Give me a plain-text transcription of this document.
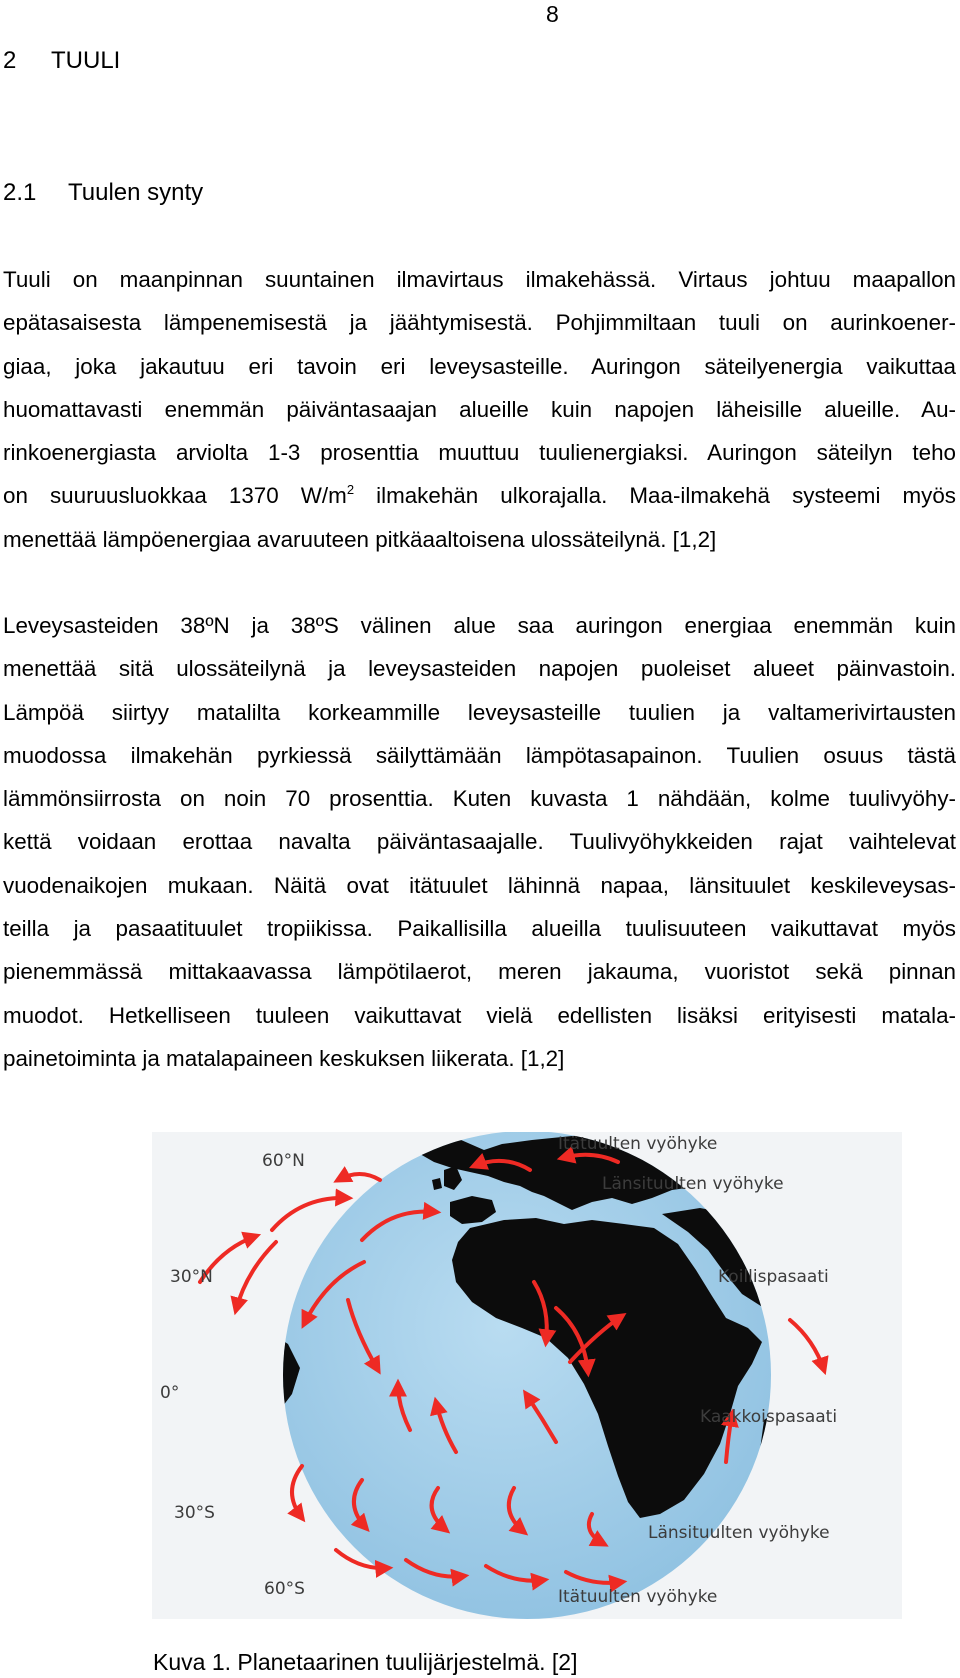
8
2 TUULI
2.1 Tuulen synty
Tuuli on maanpinnan suuntainen ilmavirtaus ilmakehässä. Virtaus johtuu maapallon
epätasaisesta lämpenemisestä ja jäähtymisestä. Pohjimmiltaan tuuli on aurinkoener-
giaa, joka jakautuu eri tavoin eri leveysasteille. Auringon säteilyenergia vaikuttaa
huomattavasti enemmän päiväntasaajan alueille kuin napojen läheisille alueille. Au-
rinkoenergiasta arviolta 1-3 prosenttia muuttuu tuulienergiaksi. Auringon säteilyn teho
on suuruusluokkaa 1370 $W/m^2$ ilmakehän ulkorajalla. Maa-ilmakehä systeemi myös
menettää lämpöenergiaa avaruuteen pitkäaaltoisena ulossäteilynä. [1,2]
Leveysasteiden 38ºN ja 38ºS välinen alue saa auringon energiaa enemmän kuin
menettää sitä ulossäteilynä ja leveysasteiden napojen puoleiset alueet päinvastoin.
Lämpöä siirtyy matalilta korkeammille leveysasteille tuulien ja valtamerivirtausten
muodossa ilmakehän pyrkiessä säilyttämään lämpötasapainon. Tuulien osuus tästä
lämmönsiirrosta on noin 70 prosenttia. Kuten kuvasta 1 nähdään, kolme tuulivyöhy-
kettä voidaan erottaa navalta päiväntasaajalle. Tuulivyöhykkeiden rajat vaihtelevat
vuodenaikojen mukaan. Näitä ovat itätuulet lähinnä napaa, länsituulet keskileveysas-
teilla ja pasaatituulet tropiikissa. Paikallisilla alueilla tuulisuuteen vaikuttavat myös
pienemmässä mittakaavassa lämpötilaerot, meren jakauma, vuoristot sekä pinnan
muodot. Hetkelliseen tuuleen vaikuttavat vielä edellisten lisäksi erityisesti matala-
painetoiminta ja matalapaineen keskuksen liikerata. [1,2]
60°N
30°N
0°
30°S
60°S
Itätuulten vyöhyke
Länsituulten vyöhyke
Koillispasaati
Kaakkoispasaati
Länsituulten vyöhyke
Itätuulten vyöhyke
Kuva 1. Planetaarinen tuulijärjestelmä. [2]
